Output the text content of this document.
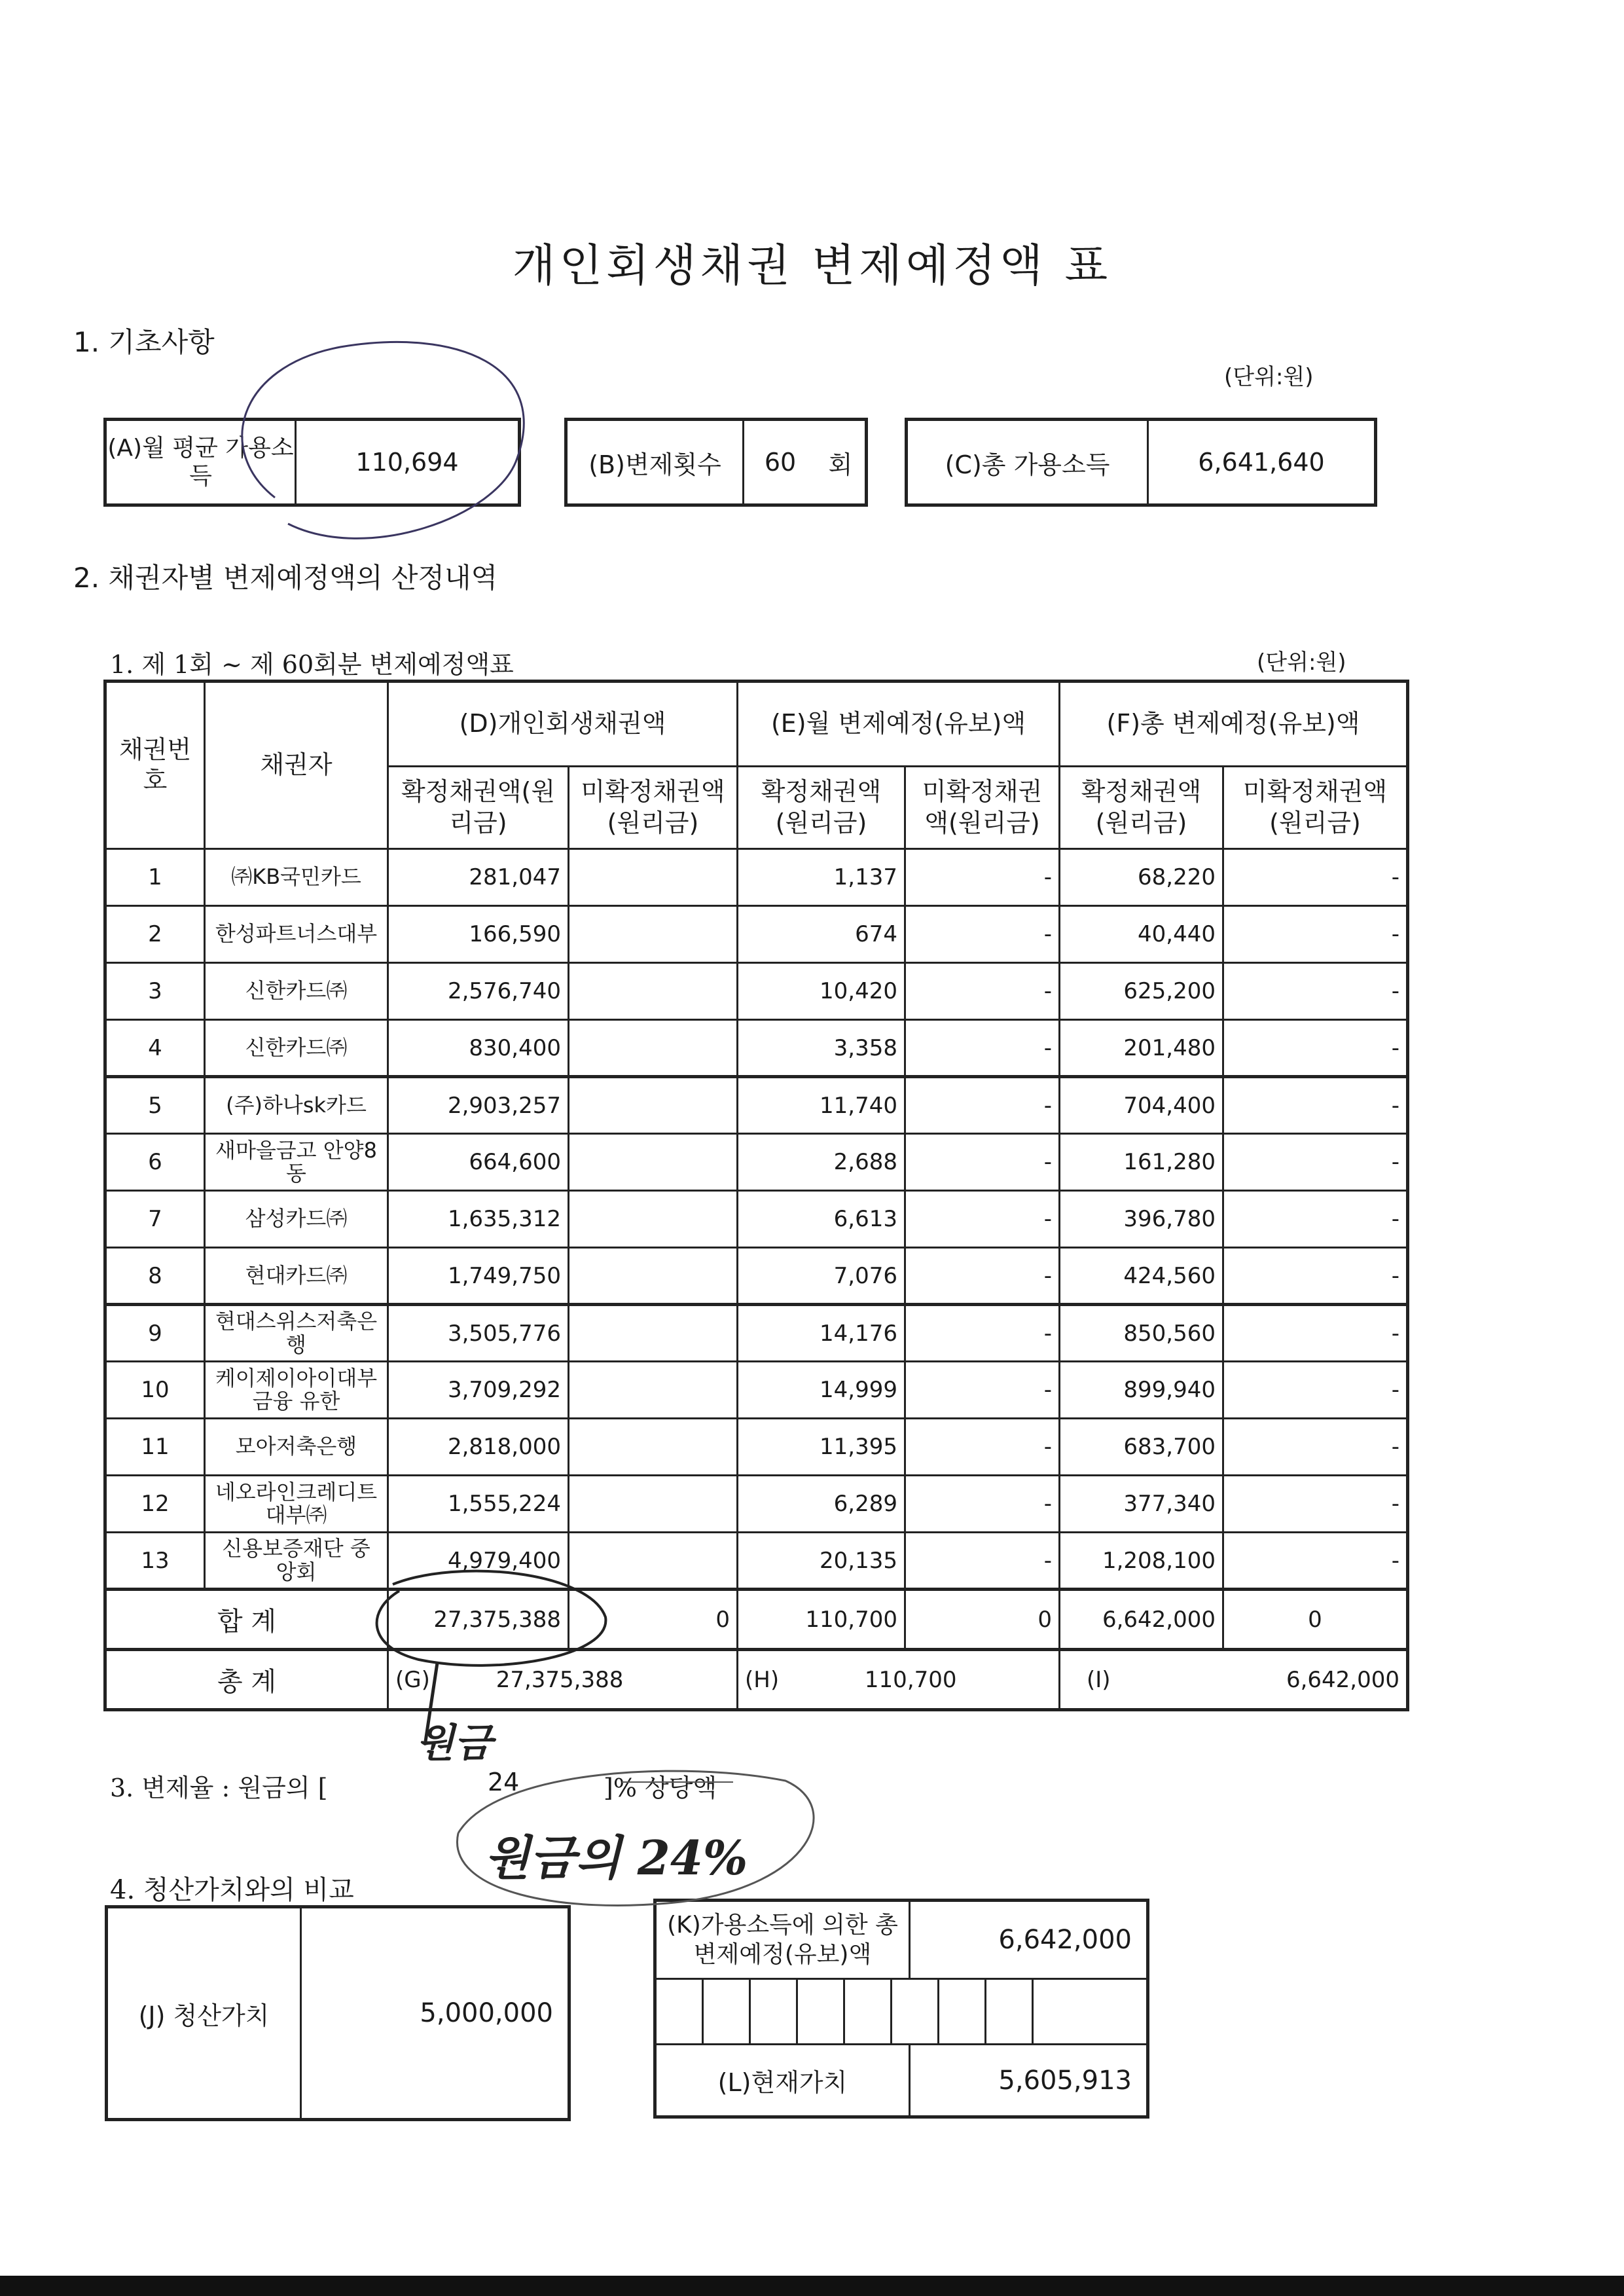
개인회생채권 변제예정액 표
1. 기초사항
(단위:원)
(A)월 평균 가용소득	110,694	(B)변제횟수	60	회	(C)총 가용소득	6,641,640
2. 채권자별 변제예정액의 산정내역
1. 제 1회 ~ 제 60회분 변제예정액표	(단위:원)
채권번호	채권자	(D)개인회생채권액		(E)월 변제예정(유보)액		(F)총 변제예정(유보)액	
		확정채권액(원리금)	미확정채권액(원리금)	확정채권액(원리금)	미확정채권액(원리금)	확정채권액(원리금)	미확정채권액(원리금)
1	㈜KB국민카드	281,047		1,137	-	68,220	-
2	한성파트너스대부	166,590		674	-	40,440	-
3	신한카드㈜	2,576,740		10,420	-	625,200	-
4	신한카드㈜	830,400		3,358	-	201,480	-
5	(주)하나sk카드	2,903,257		11,740	-	704,400	-
6	새마을금고 안양8동	664,600		2,688	-	161,280	-
7	삼성카드㈜	1,635,312		6,613	-	396,780	-
8	현대카드㈜	1,749,750		7,076	-	424,560	-
9	현대스위스저축은행	3,505,776		14,176	-	850,560	-
10	케이제이아이대부금융 유한	3,709,292		14,999	-	899,940	-
11	모아저축은행	2,818,000		11,395	-	683,700	-
12	네오라인크레디트대부㈜	1,555,224		6,289	-	377,340	-
13	신용보증재단 중앙회	4,979,400		20,135	-	1,208,100	-
합 계		27,375,388	0	110,700	0	6,642,000	0
총 계		(G) 27,375,388		(H) 110,700		(I) 6,642,000	
3. 변제율 : 원금의 [	24	]% 상당액
4. 청산가치와의 비교
(J) 청산가치	5,000,000
(K)가용소득에 의한 총변제예정(유보)액	6,642,000
(L)현재가치	5,605,913
원금
원금의 24%
